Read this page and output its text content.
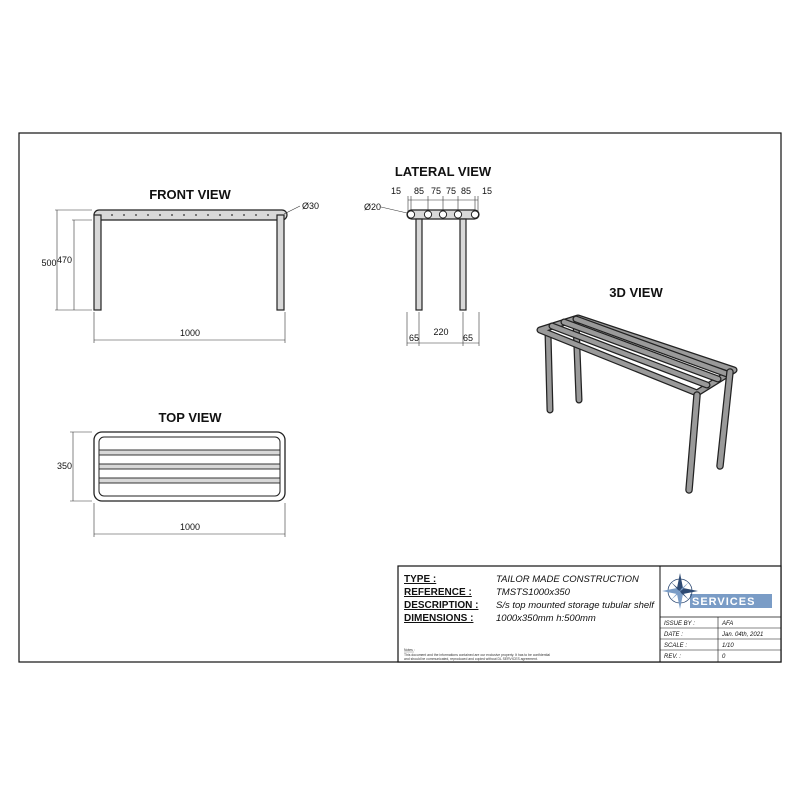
FRONT VIEW
Ø30
500 470
1000
LATERAL VIEW
15 85 75 75 85 15
Ø20
65
220
65
TOP VIEW
350
1000
3D VIEW
TYPE :	TAILOR MADE CONSTRUCTION
REFERENCE :	TMSTS1000x350
DESCRIPTION : S/s top mounted storage tubular shelf
DIMENSIONS : 1000x350mm h:500mm
SERVICES
ISSUE BY :	AFA
DATE :	Jan. 04th, 2021
SCALE :	1/10
REV. :	0
Notes :
This document and the informations contained are our exclusive property. It has to be confidential
and should be communicated, reproduced and copied without DL SERVICES agreement.
